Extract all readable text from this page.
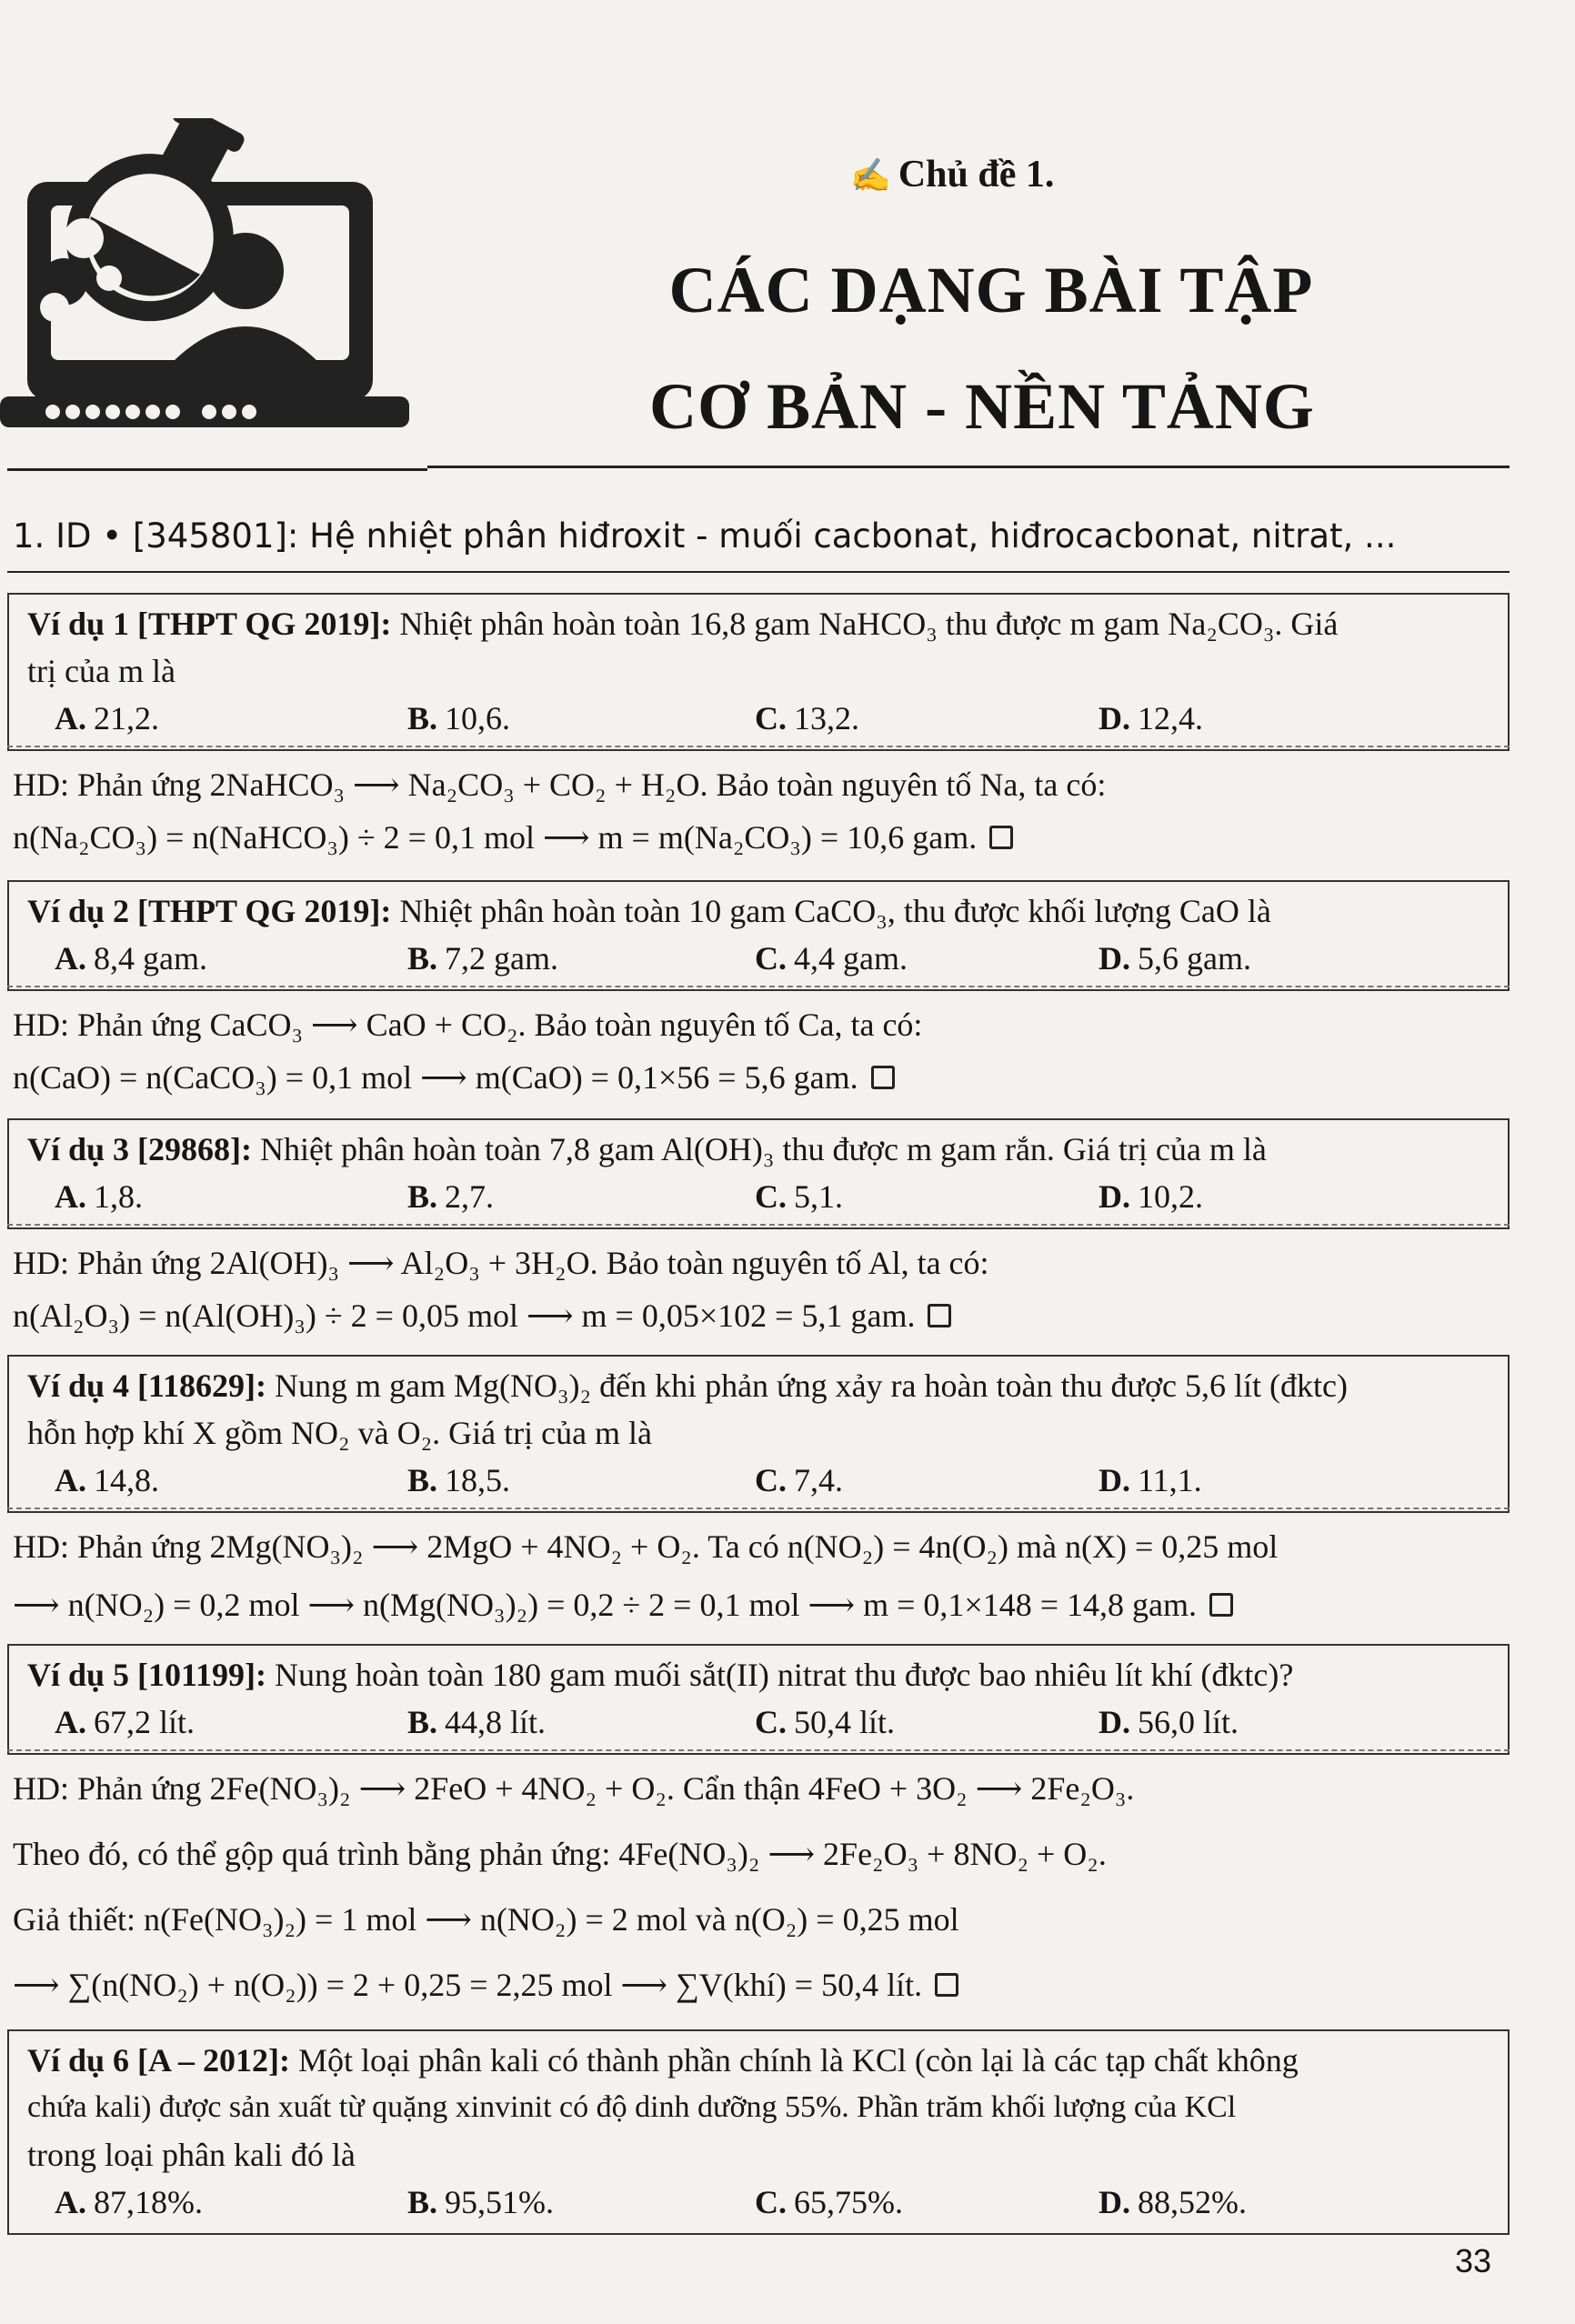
✍ Chủ đề 1.
CÁC DẠNG BÀI TẬP
CƠ BẢN - NỀN TẢNG
1. ID • [345801]: Hệ nhiệt phân hiđroxit - muối cacbonat, hiđrocacbonat, nitrat, ...
Ví dụ 1 [THPT QG 2019]: Nhiệt phân hoàn toàn 16,8 gam NaHCO₃ thu được m gam Na₂CO₃. Giá
trị của m là
A. 21,2.	B. 10,6.	C. 13,2.	D. 12,4.
HD: Phản ứng 2NaHCO₃ ⟶ Na₂CO₃ + CO₂ + H₂O. Bảo toàn nguyên tố Na, ta có:
n(Na₂CO₃) = n(NaHCO₃) ÷ 2 = 0,1 mol ⟶ m = m(Na₂CO₃) = 10,6 gam.
Ví dụ 2 [THPT QG 2019]: Nhiệt phân hoàn toàn 10 gam CaCO₃, thu được khối lượng CaO là
A. 8,4 gam.	B. 7,2 gam.	C. 4,4 gam.	D. 5,6 gam.
HD: Phản ứng CaCO₃ ⟶ CaO + CO₂. Bảo toàn nguyên tố Ca, ta có:
n(CaO) = n(CaCO₃) = 0,1 mol ⟶ m(CaO) = 0,1×56 = 5,6 gam.
Ví dụ 3 [29868]: Nhiệt phân hoàn toàn 7,8 gam Al(OH)₃ thu được m gam rắn. Giá trị của m là
A. 1,8.	B. 2,7.	C. 5,1.	D. 10,2.
HD: Phản ứng 2Al(OH)₃ ⟶ Al₂O₃ + 3H₂O. Bảo toàn nguyên tố Al, ta có:
n(Al₂O₃) = n(Al(OH)₃) ÷ 2 = 0,05 mol ⟶ m = 0,05×102 = 5,1 gam.
Ví dụ 4 [118629]: Nung m gam Mg(NO₃)₂ đến khi phản ứng xảy ra hoàn toàn thu được 5,6 lít (đktc)
hỗn hợp khí X gồm NO₂ và O₂. Giá trị của m là
A. 14,8.	B. 18,5.	C. 7,4.	D. 11,1.
HD: Phản ứng 2Mg(NO₃)₂ ⟶ 2MgO + 4NO₂ + O₂. Ta có n(NO₂) = 4n(O₂) mà n(X) = 0,25 mol
⟶ n(NO₂) = 0,2 mol ⟶ n(Mg(NO₃)₂) = 0,2 ÷ 2 = 0,1 mol ⟶ m = 0,1×148 = 14,8 gam.
Ví dụ 5 [101199]: Nung hoàn toàn 180 gam muối sắt(II) nitrat thu được bao nhiêu lít khí (đktc)?
A. 67,2 lít.	B. 44,8 lít.	C. 50,4 lít.	D. 56,0 lít.
HD: Phản ứng 2Fe(NO₃)₂ ⟶ 2FeO + 4NO₂ + O₂. Cẩn thận 4FeO + 3O₂ ⟶ 2Fe₂O₃.
Theo đó, có thể gộp quá trình bằng phản ứng: 4Fe(NO₃)₂ ⟶ 2Fe₂O₃ + 8NO₂ + O₂.
Giả thiết: n(Fe(NO₃)₂) = 1 mol ⟶ n(NO₂) = 2 mol và n(O₂) = 0,25 mol
⟶ ∑(n(NO₂) + n(O₂)) = 2 + 0,25 = 2,25 mol ⟶ ∑V(khí) = 50,4 lít.
Ví dụ 6 [A – 2012]: Một loại phân kali có thành phần chính là KCl (còn lại là các tạp chất không
chứa kali) được sản xuất từ quặng xinvinit có độ dinh dưỡng 55%. Phần trăm khối lượng của KCl
trong loại phân kali đó là
A. 87,18%.	B. 95,51%.	C. 65,75%.	D. 88,52%.
33
